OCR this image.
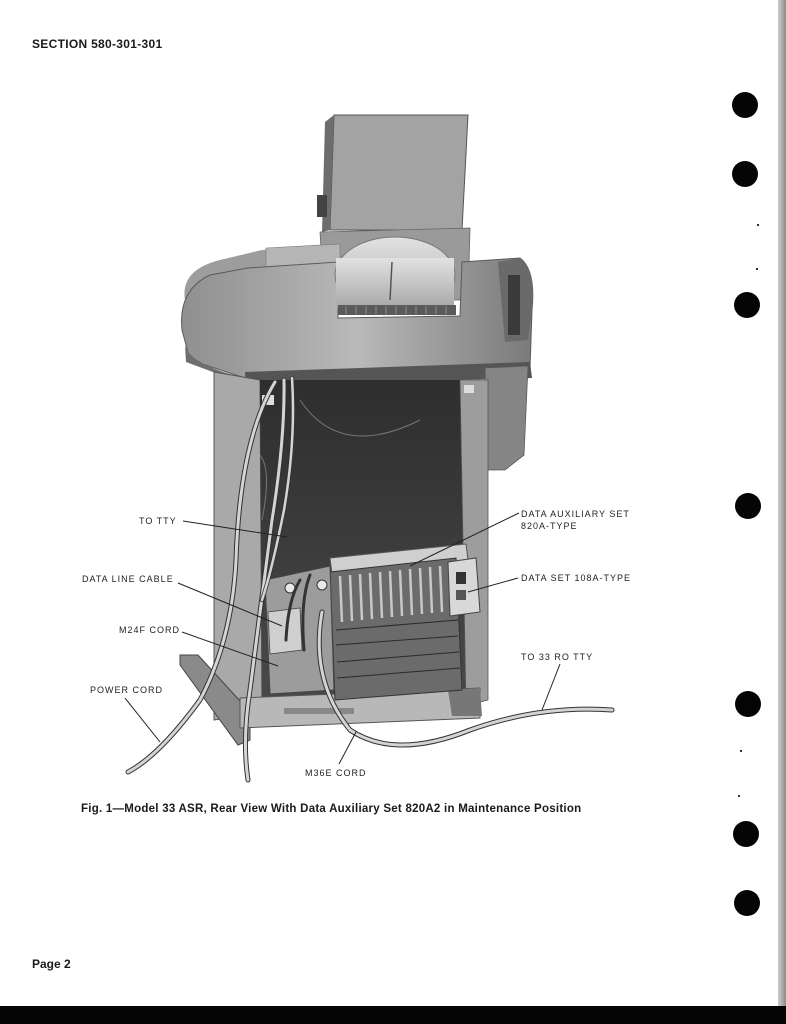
SECTION 580-301-301
TO TTY
DATA LINE CABLE
M24F CORD
POWER CORD
M36E CORD
DATA AUXILIARY SET
820A-TYPE
DATA SET 108A-TYPE
TO 33 RO TTY
Fig. 1—Model 33 ASR, Rear View With Data Auxiliary Set 820A2 in Maintenance Position
Page 2
